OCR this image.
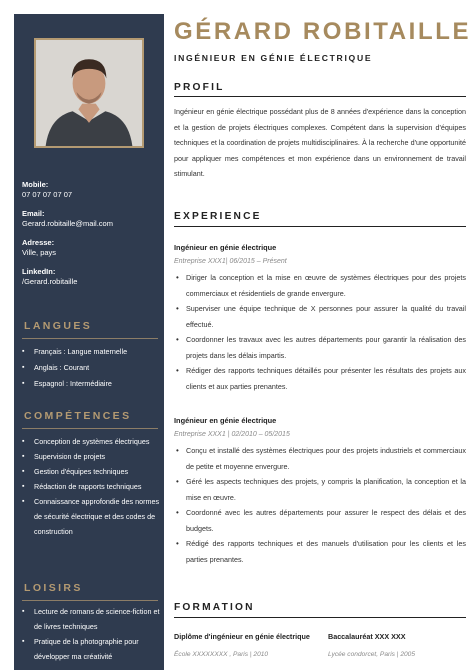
Mobile:
07 07 07 07 07
Email:
Gerard.robitaille@mail.com
Adresse:
Ville, pays
LinkedIn:
/Gerard.robitaille
LANGUES
▪ Français : Langue maternelle
▪ Anglais : Courant
▪ Espagnol : Intermédiaire
COMPÉTENCES
▪ Conception de systèmes électriques
▪ Supervision de projets
▪ Gestion d'équipes techniques
▪ Rédaction de rapports techniques
▪ Connaissance approfondie des normes de sécurité électrique et des codes de construction
LOISIRS
▪ Lecture de romans de science-fiction et de livres techniques
▪ Pratique de la photographie pour développer ma créativité
GÉRARD ROBITAILLE
INGÉNIEUR EN GÉNIE ÉLECTRIQUE
PROFIL
Ingénieur en génie électrique possédant plus de 8 années d'expérience dans la conception et la gestion de projets électriques complexes. Compétent dans la supervision d'équipes techniques et la coordination de projets multidisciplinaires. À la recherche d'une opportunité pour appliquer mes compétences et mon expérience dans un environnement de travail stimulant.
EXPERIENCE
Ingénieur en génie électrique
Entreprise XXX1| 06/2015 – Présent
• Diriger la conception et la mise en œuvre de systèmes électriques pour des projets commerciaux et résidentiels de grande envergure.
• Superviser une équipe technique de X personnes pour assurer la qualité du travail effectué.
• Coordonner les travaux avec les autres départements pour garantir la réalisation des projets dans les délais impartis.
• Rédiger des rapports techniques détaillés pour présenter les résultats des projets aux clients et aux parties prenantes.
Ingénieur en génie électrique
Entreprise XXX1 | 02/2010 – 05/2015
• Conçu et installé des systèmes électriques pour des projets industriels et commerciaux de petite et moyenne envergure.
• Géré les aspects techniques des projets, y compris la planification, la conception et la mise en œuvre.
• Coordonné avec les autres départements pour assurer le respect des délais et des budgets.
• Rédigé des rapports techniques et des manuels d'utilisation pour les clients et les parties prenantes.
FORMATION
Diplôme d'ingénieur en génie électrique
École XXXXXXXX , Paris | 2010
Baccalauréat XXX XXX
Lycée condorcet, Paris | 2005
